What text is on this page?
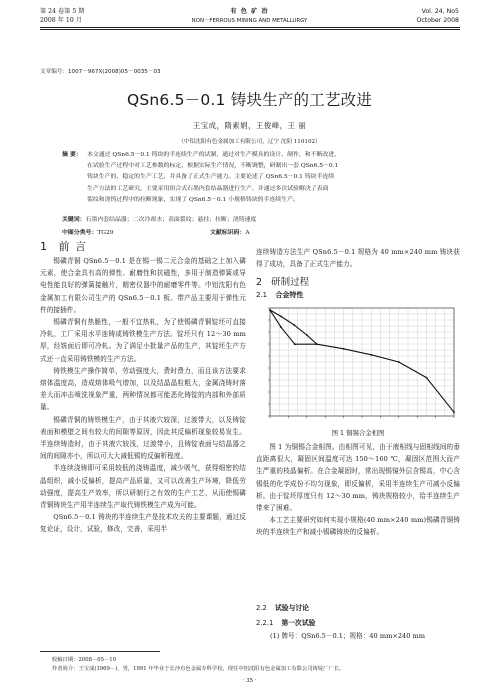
第 24 卷第 5 期
2008 年 10 月
有 色 矿 冶
NON－FERROUS MINING AND METALLURGY
Vol. 24, No5
October 2008
文章编号：1007－967X(2008)05－0035－03
QSn6.5－0.1 铸块生产的工艺改进
王宝成，隋素娟，王俊峰，王 丽
（中铝沈阳有色金属加工有限公司，辽宁 沈阳 110102）
摘 要： 本文通过 QSn6.5－0.1 铸块的半连续生产的试制，通过对生产模具的设计、制作，和不断改进，
在试验生产过程中对工艺参数的标定，根据实际生产情况，不断调整，研制出一套 QSn6.5－0.1
铸块生产的、稳定的生产工艺，并具备了正式生产能力。主要论述了 QSn6.5－0.1 铸块半连续
生产方法的工艺研究，主要采用组合式石墨内套结晶器进行生产，并通过多次试验解决了表面
裂纹和浇铸过程中的拉断现象，实现了 QSn6.5－0.1 小规格铸块的半连续生产。
关键词：石墨内套结晶器；二次冷却水；表面裂纹；悬挂；拉断；浇铸速度
中图分类号：TG29	文献标识码：A
1 前 言

锡磷青铜 QSn6.5－0.1 是在锡一锡二元合金的基础之上加入磷元素，使合金具有高的弹性、耐磨性和抗磁性，多用于制造弹簧或导电性能良好的弹簧接触片，精密仪器中的耐磨零件等。中铝沈阳有色金属加工有限公司生产的 QSn6.5－0.1 板、带产品主要用于弹性元件的接插件。

锡磷青铜有热脆性，一般不宜热轧，为了使锡磷青铜锭坯可直接冷轧，工厂采用水平连铸或铸铁模生产方法。锭坯只有 12～30 mm 厚，经铣面后即可冷轧。为了满足小批量产品的生产，其锭坯生产方式还一直采用铸铁模的生产方法。

铸铁模生产操作简单，劳动强度大，费时费力，而且该方法要求熔体温度高，造成熔体吸气增加，以及结晶晶粒粗大，金属浇铸时落差大而冲击喷洗视象严重，两种情况都可能恶化铸锭的内部和外部质量。

锡磷青铜的铸铁模生产，由于其液穴较深，过渡带大，以及铸锭表面和模壁之间有较大的间隙等原因，因此其反偏析现象较易发生。半连续铸造时，由于其液穴较浅，过渡带小，且铸锭表面与结晶器之间的间隙亦小，所以可大大减低锡的反偏析程度。

半连续浇铸即可采用较低的浇铸温度，减少吸气，获得细密的结晶组织，减小反偏析，提高产品质量，又可以改善生产环境，降低劳动强度，提高生产效率，所以研制行之有效的生产工艺，从而使锡磷青铜铸块生产用半连续生产取代铸铁模生产成为可能。

QSn6.5－0.1 铸块的半连续生产是技术攻关的主要课题，通过反复论证，设计，试验，修改，完善，采用半

连续铸造方法生产 QSn6.5－0.1 规格为 40 mm×240 mm 铸块获得了成功，具备了正式生产能力。
2 研制过程
2.1 合金特性
图 1 铜锡合金相图

图 1 为铜锡合金相图。由相图可见，由于液相线与固相线间的垂直距离很大，凝固区间温度可达 150～160 ℃，凝固区范围大而产生严重的枝晶偏析。在合金凝固时，常出现锡镜外层含锡高，中心含锡低的化学成份不均匀现象，即反偏析，采用半连续生产可减小反偏析。由于锭坯厚度只有 12～30 mm，铸块规格较小，给半连续生产带来了困难。

本工艺主要研究如何实现小规格(40 mm×240 mm)锡磷青铜铸块的半连续生产和减小锡磷铸块的反偏析。

2.2 试验与讨论
2.2.1 第一次试验
(1) 牌号：QSn6.5－0.1；规格：40 mm×240 mm
收稿日期：2008－05－10
作者简介：王宝成(1969－)，男，1991 年毕业于长沙有色金属专科学校，现任中铝沈阳有色金属加工有限公司铸锭厂厂长。
· 35 ·
